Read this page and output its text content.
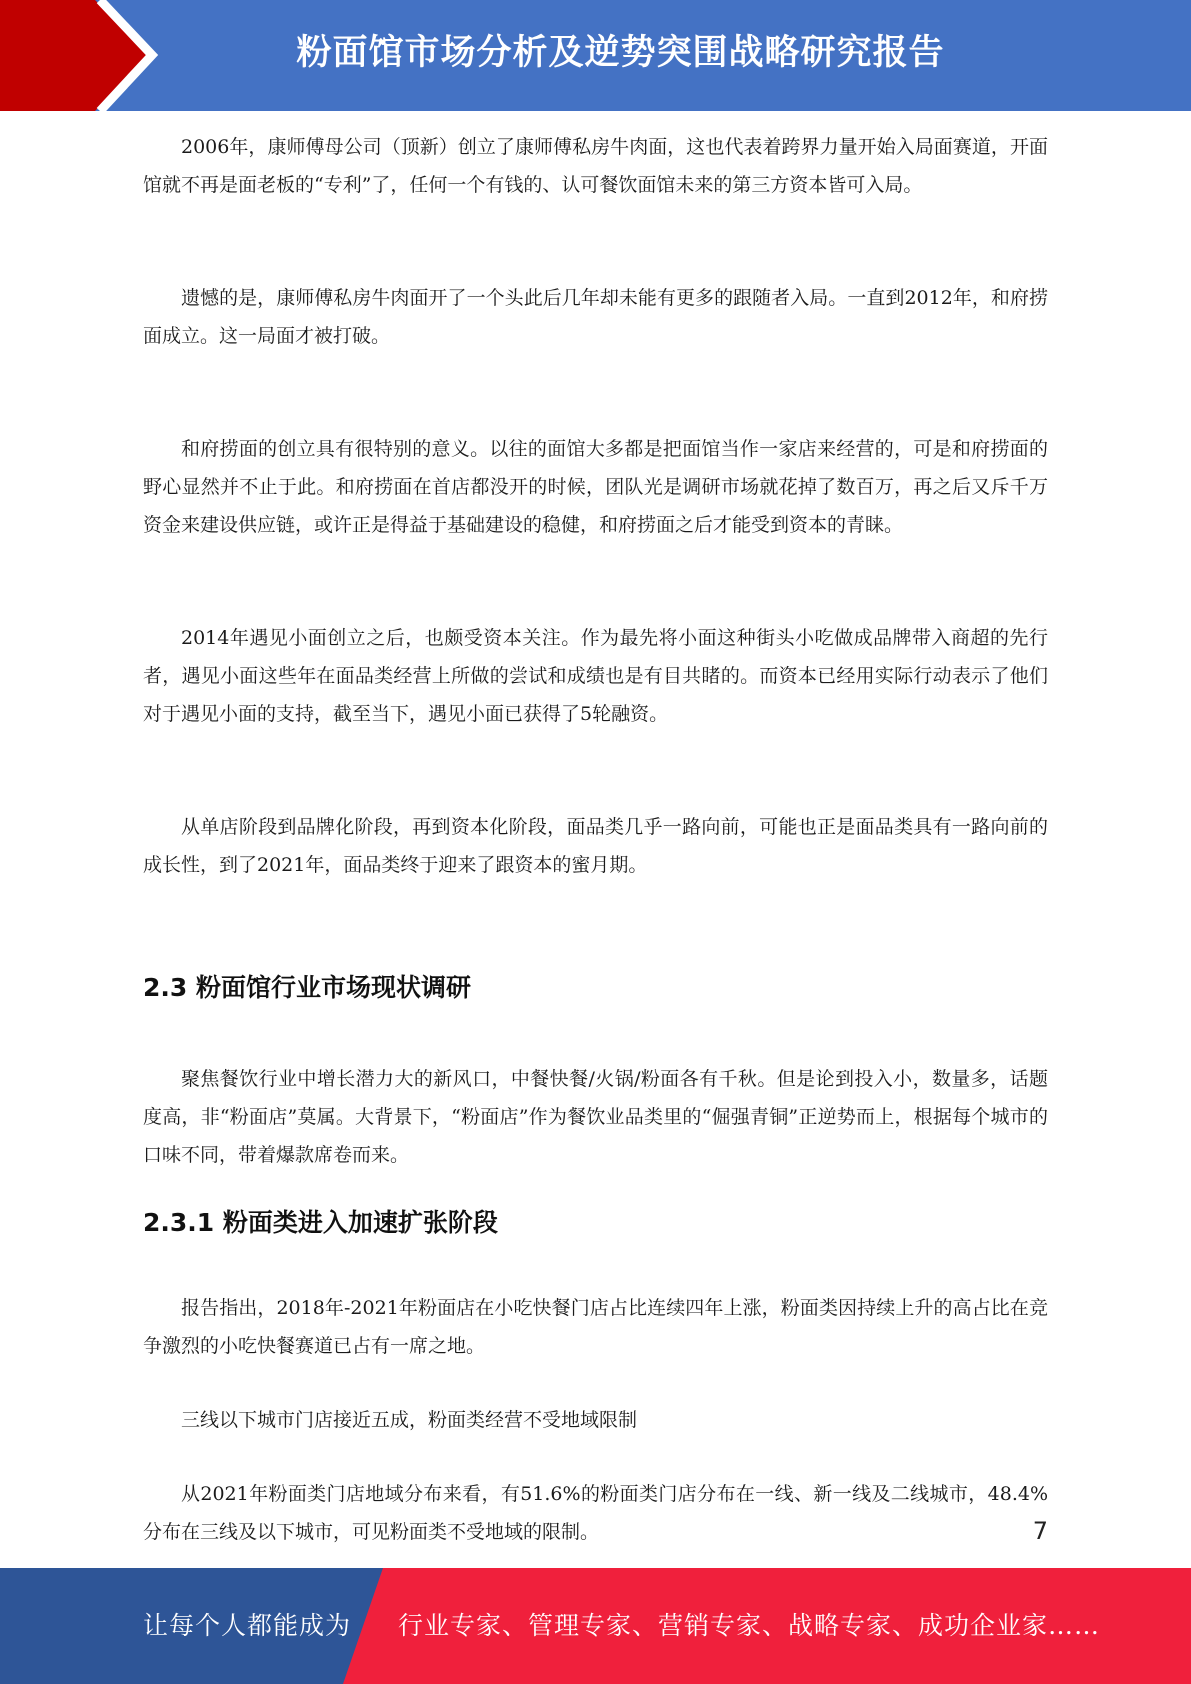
粉面馆市场分析及逆势突围战略研究报告

2006年，康师傅母公司（顶新）创立了康师傅私房牛肉面，这也代表着跨界力量开始入局面赛道，开面馆就不再是面老板的“专利”了，任何一个有钱的、认可餐饮面馆未来的第三方资本皆可入局。

遗憾的是，康师傅私房牛肉面开了一个头此后几年却未能有更多的跟随者入局。一直到2012年，和府捞面成立。这一局面才被打破。

和府捞面的创立具有很特别的意义。以往的面馆大多都是把面馆当作一家店来经营的，可是和府捞面的野心显然并不止于此。和府捞面在首店都没开的时候，团队光是调研市场就花掉了数百万，再之后又斥千万资金来建设供应链，或许正是得益于基础建设的稳健，和府捞面之后才能受到资本的青睐。

2014年遇见小面创立之后，也颇受资本关注。作为最先将小面这种街头小吃做成品牌带入商超的先行者，遇见小面这些年在面品类经营上所做的尝试和成绩也是有目共睹的。而资本已经用实际行动表示了他们对于遇见小面的支持，截至当下，遇见小面已获得了5轮融资。

从单店阶段到品牌化阶段，再到资本化阶段，面品类几乎一路向前，可能也正是面品类具有一路向前的成长性，到了2021年，面品类终于迎来了跟资本的蜜月期。

2.3 粉面馆行业市场现状调研

聚焦餐饮行业中增长潜力大的新风口，中餐快餐/火锅/粉面各有千秋。但是论到投入小，数量多，话题度高，非“粉面店”莫属。大背景下，“粉面店”作为餐饮业品类里的“倔强青铜”正逆势而上，根据每个城市的口味不同，带着爆款席卷而来。

2.3.1 粉面类进入加速扩张阶段

报告指出，2018年-2021年粉面店在小吃快餐门店占比连续四年上涨，粉面类因持续上升的高占比在竞争激烈的小吃快餐赛道已占有一席之地。

三线以下城市门店接近五成，粉面类经营不受地域限制

从2021年粉面类门店地域分布来看，有51.6%的粉面类门店分布在一线、新一线及二线城市，48.4%分布在三线及以下城市，可见粉面类不受地域的限制。	7
让每个人都能成为 行业专家、管理专家、营销专家、战略专家、成功企业家……
